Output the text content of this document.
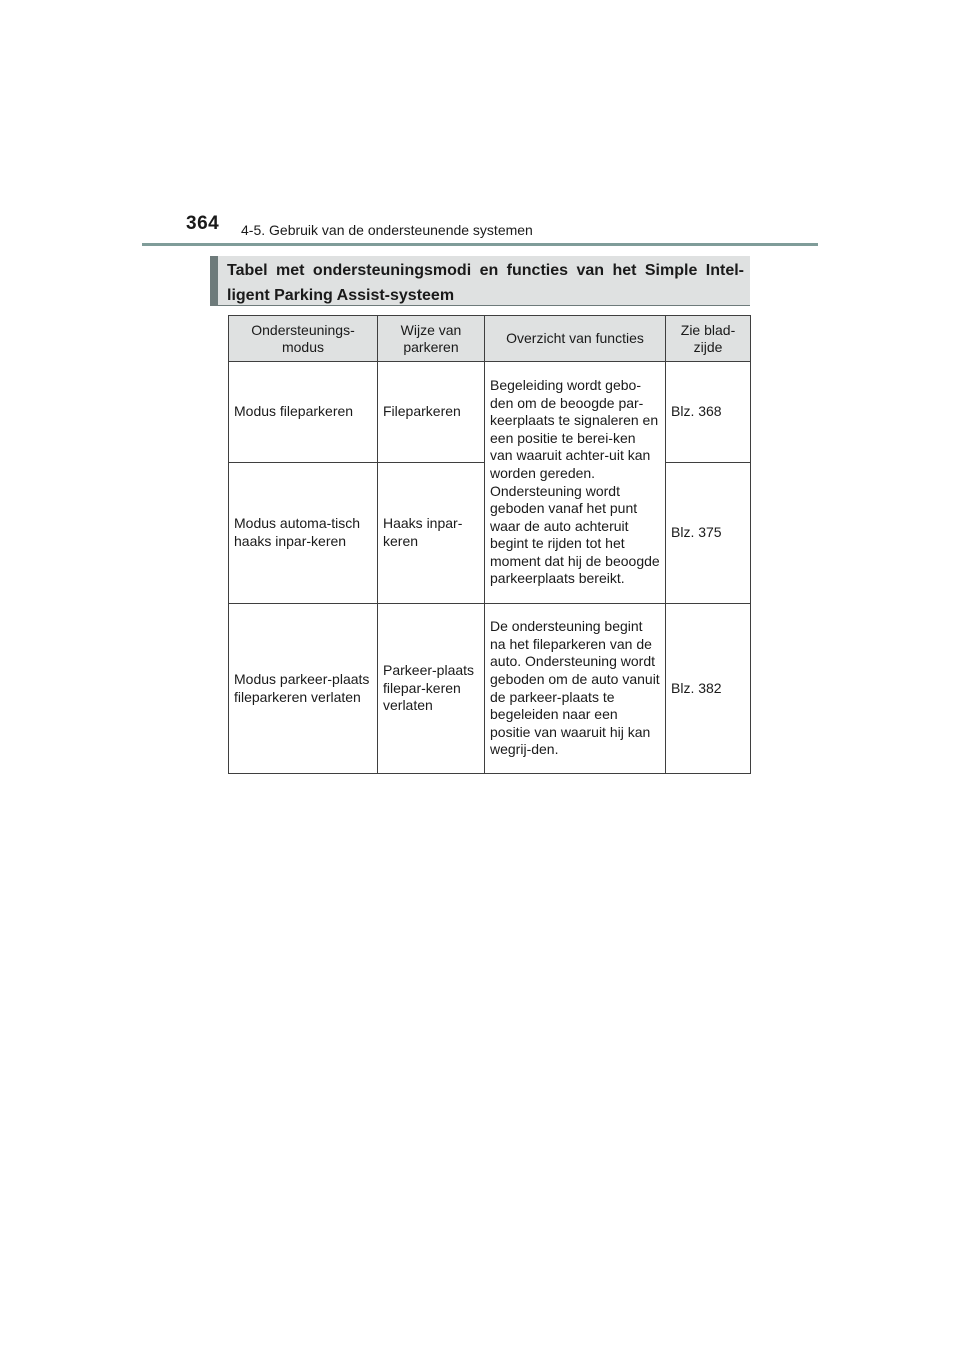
364 4-5. Gebruik van de ondersteunende systemen
Tabel met ondersteuningsmodi en functies van het Simple Intel-ligent Parking Assist-systeem
Ondersteunings-modus	Wijze van parkeren	Overzicht van functies	Zie blad-zijde
Modus fileparkeren	Fileparkeren	Begeleiding wordt gebo-den om de beoogde par-keerplaats te signaleren en een positie te berei-ken van waaruit achter-uit kan worden gereden. Ondersteuning wordt geboden vanaf het punt waar de auto achteruit begint te rijden tot het moment dat hij de beoogde parkeerplaats bereikt.	Blz. 368
Modus automa-tisch haaks inpar-keren	Haaks inpar-keren		Blz. 375
Modus parkeer-plaats fileparkeren verlaten	Parkeer-plaats filepar-keren verlaten	De ondersteuning begint na het fileparkeren van de auto. Ondersteuning wordt geboden om de auto vanuit de parkeer-plaats te begeleiden naar een positie van waaruit hij kan wegrij-den.	Blz. 382
